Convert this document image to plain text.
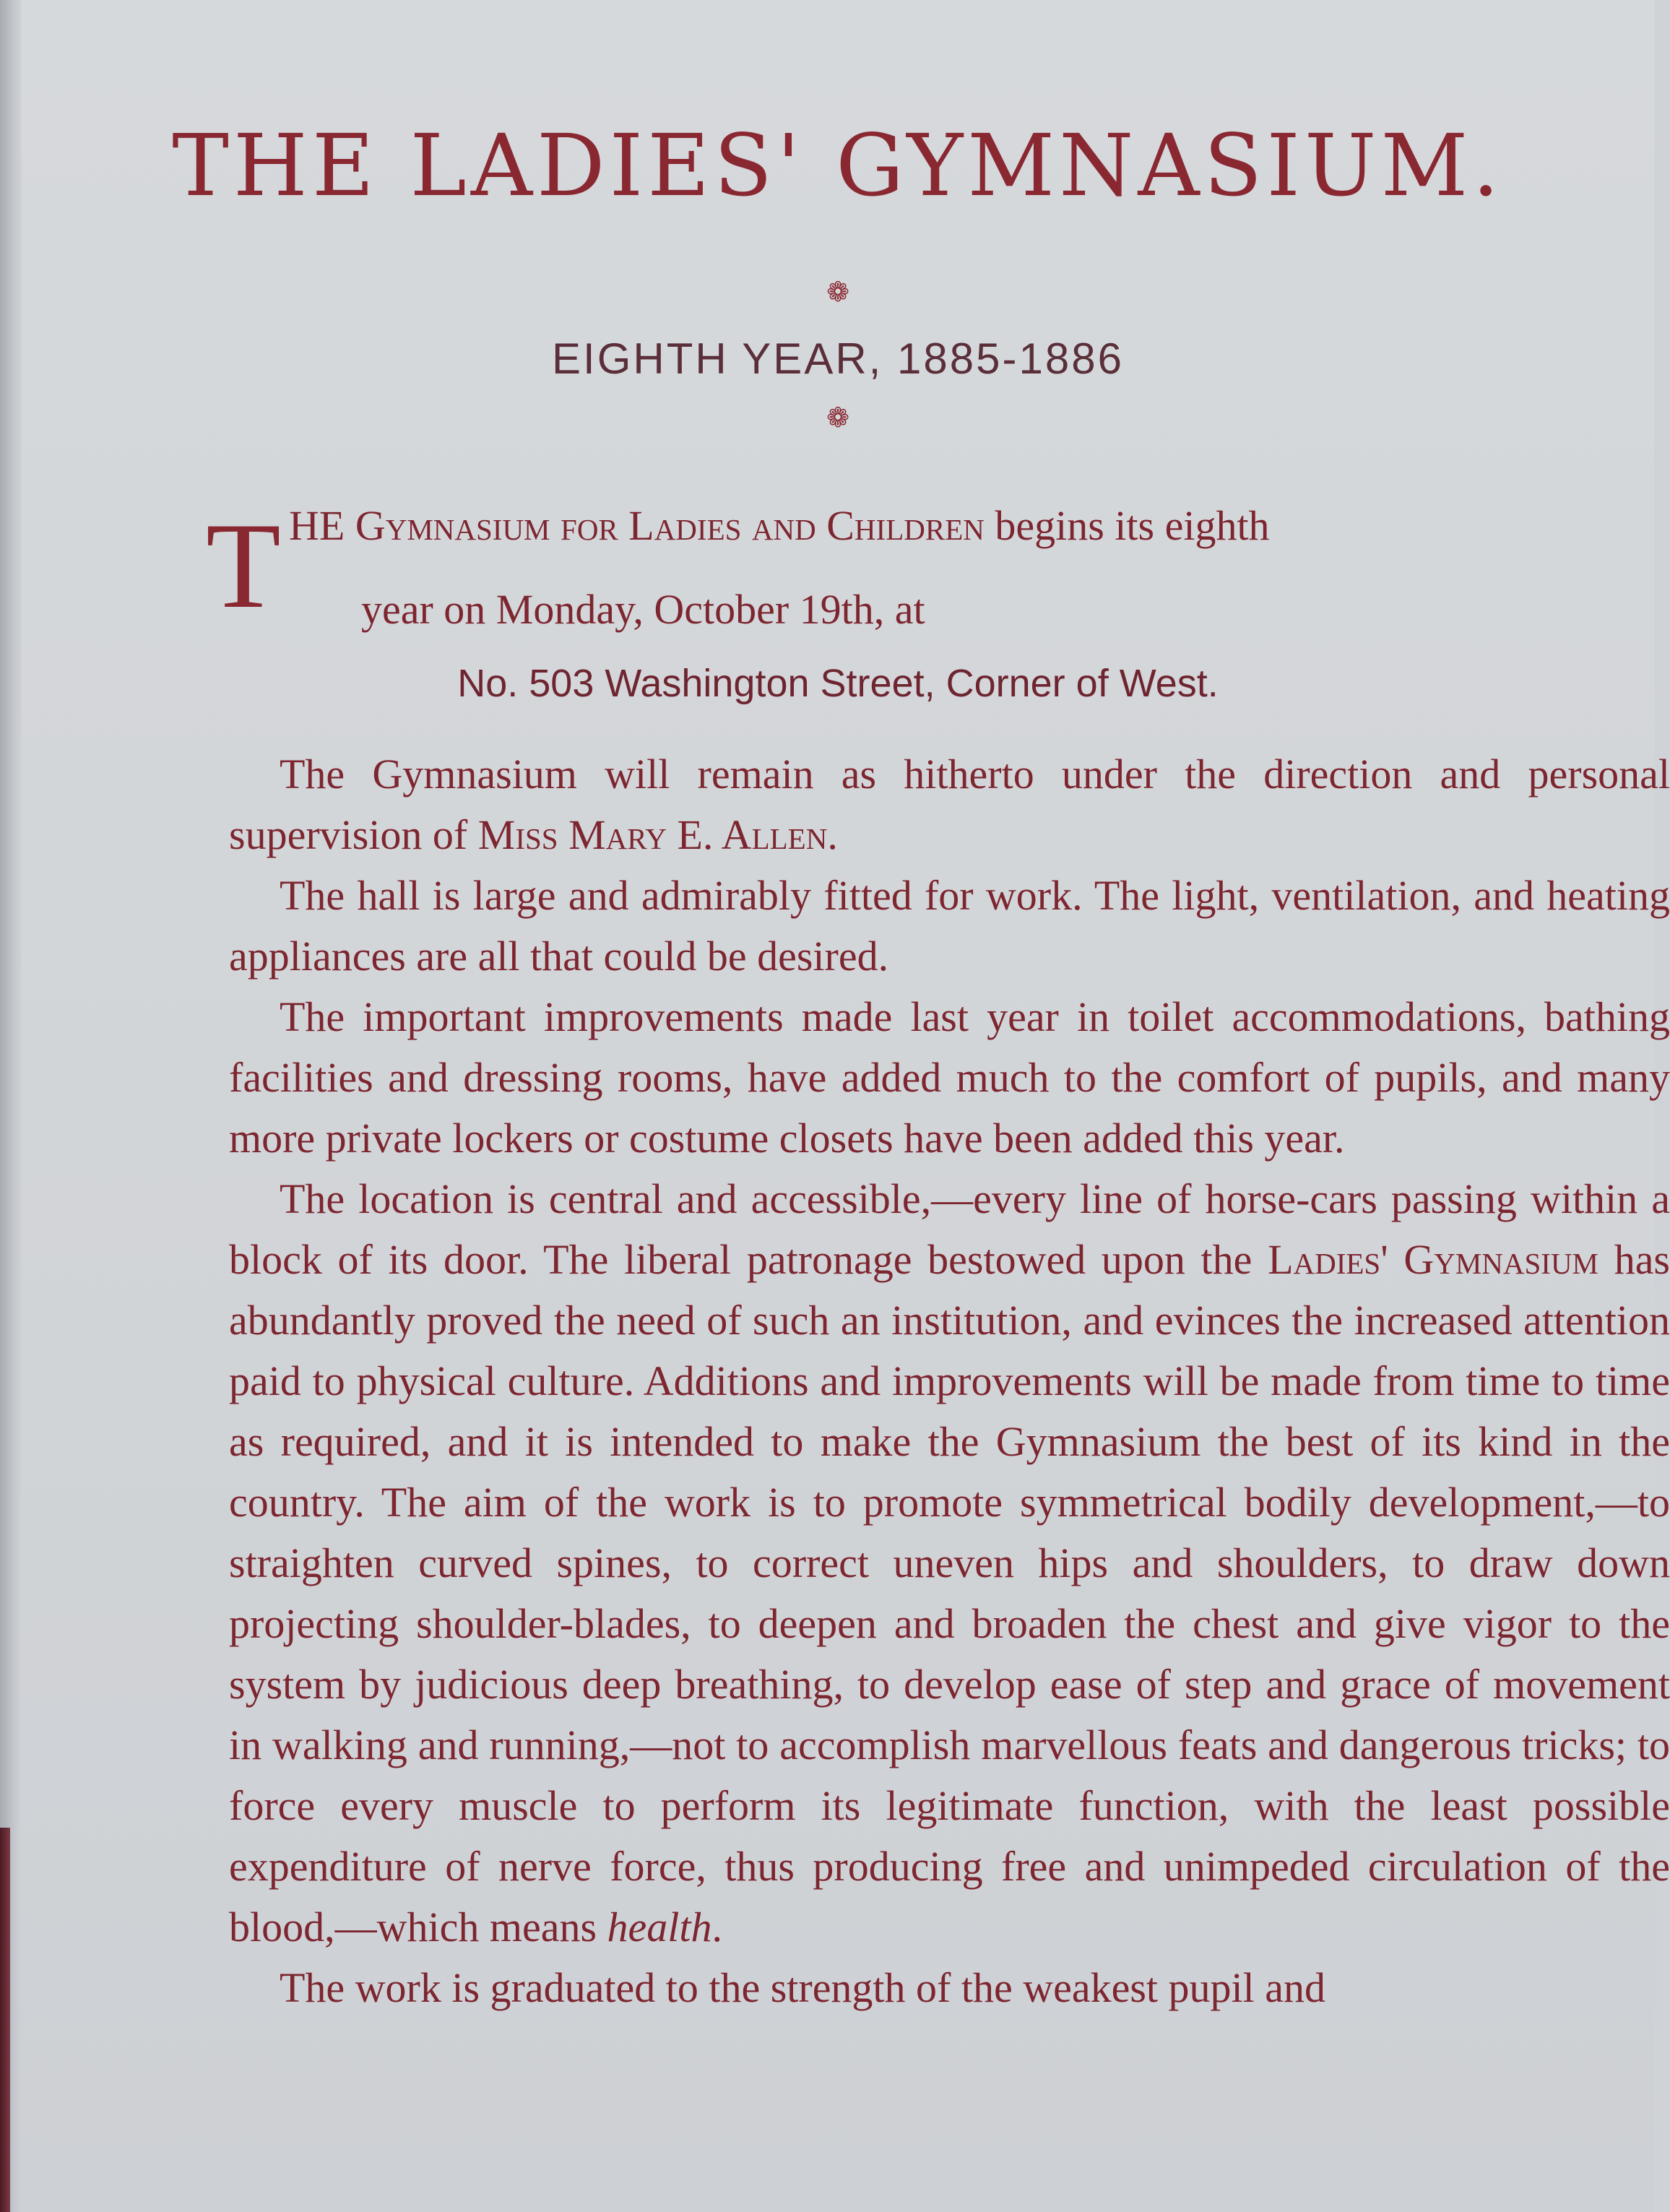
THE LADIES' GYMNASIUM.
❁
EIGHTH YEAR, 1885-1886
❁
T HE Gymnasium for Ladies and Children begins its eighth
year on Monday, October 19th, at
No. 503 Washington Street, Corner of West.

The Gymnasium will remain as hitherto under the direction and personal supervision of Miss Mary E. Allen.

The hall is large and admirably fitted for work. The light, ventilation, and heating appliances are all that could be desired.

The important improvements made last year in toilet accommodations, bathing facilities and dressing rooms, have added much to the comfort of pupils, and many more private lockers or costume closets have been added this year.

The location is central and accessible,—every line of horse-cars passing within a block of its door. The liberal patronage bestowed upon the Ladies' Gymnasium has abundantly proved the need of such an institution, and evinces the increased attention paid to physical culture. Additions and improvements will be made from time to time as required, and it is intended to make the Gymnasium the best of its kind in the country. The aim of the work is to promote symmetrical bodily development,—to straighten curved spines, to correct uneven hips and shoulders, to draw down projecting shoulder-blades, to deepen and broaden the chest and give vigor to the system by judicious deep breathing, to develop ease of step and grace of movement in walking and running,—not to accomplish marvellous feats and dangerous tricks; to force every muscle to perform its legitimate function, with the least possible expenditure of nerve force, thus producing free and unimpeded circulation of the blood,—which means health.

The work is graduated to the strength of the weakest pupil and
